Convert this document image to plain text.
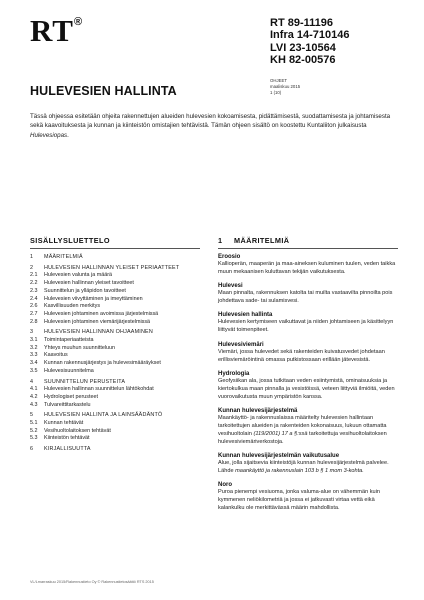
RT®	RT 89-11196
Infra 14-710146
LVI 23-10564
KH 82-00576
OHJEET
maaliskuu 2015
1 (10)
HULEVESIEN HALLINTA

Tässä ohjeessa esitetään ohjeita rakennettujen alueiden hulevesien kokoamisesta, pidättämisestä, suodattamisesta ja johtamisesta sekä kaavoituksesta ja kunnan ja kiinteistön omistajien tehtävistä. Tämän ohjeen sisältö on koostettu Kuntaliiton julkaisusta Hulevesiopas.

SISÄLLYSLUETTELO
1	MÄÄRITELMIÄ
2	HULEVESIEN HALLINNAN YLEISET PERIAATTEET
2.1	Hulevesien valunta ja määrä
2.2	Hulevesien hallinnan yleiset tavoitteet
2.3	Suunnittelun ja ylläpidon tavoitteet
2.4	Hulevesien viivyttäminen ja imeyttäminen
2.6	Kasvillisuuden merkitys
2.7	Hulevesien johtaminen avoimissa järjestelmissä
2.8	Hulevesien johtaminen viemärijärjestelmissä
3	HULEVESIEN HALLINNAN OHJAAMINEN
3.1	Toimintaperiaatteista
3.2	Yhteys muuhun suunnitteluun
3.3	Kaavoitus
3.4	Kunnan rakennusjärjestys ja hulevesimääräykset
3.5	Hulevesisuunnitelma
4	SUUNNITTELUN PERUSTEITA
4.1	Hulevesien hallinnan suunnittelun lähtökohdat
4.2	Hydrologiset perusteet
4.3	Tulvareittitarkastelu
5	HULEVESIEN HALLINTA JA LAINSÄÄDÄNTÖ
5.1	Kunnan tehtävät
5.2	Vesihuoltolaitoksen tehtävät
5.3	Kiinteistön tehtävät
6	KIRJALLISUUTTA
1	MÄÄRITELMIÄ
Eroosio
Kallioperän, maaperän ja maa-aineksen kuluminen tuulen, veden taikka muun mekaanisen kuluttavan tekijän vaikutuksesta.
Hulevesi
Maan pinnalta, rakennuksen katolta tai muilta vastaavilta pinnoilta pois johdettava sade- tai sulamisvesi.
Hulevesien hallinta
Hulevesien kertymiseen vaikuttavat ja niiden johtamiseen ja käsittelyyn liittyvät toimenpiteet.
Hulevesiviemäri
Viemäri, jossa hulevedet sekä rakenteiden kuivatusvedet johdetaan erillisviemäröintinä omassa putkistossaan erillään jätevesistä.
Hydrologia
Geofysiikan ala, jossa tutkitaan veden esiintymistä, ominaisuuksia ja kiertokulkua maan pinnalla ja vesistöissä, veteen liittyviä ilmiöitä, veden vuorovaikutusta muun ympäristön kanssa.
Kunnan hulevesijärjestelmä
Maankäyttö- ja rakennuslaissa määritelty hulevesien hallintaan tarkoitettujen alueiden ja rakenteiden kokonaisuus, lukuun ottamatta vesihuoltolain (119/2001) 17 a §:ssä tarkoitettuja vesihuoltolaitoksen hulevesiviemäriverkostoja.
Kunnan hulevesijärjestelmän vaikutusalue
Alue, jolla sijaitsevia kiinteistöjä kunnan hulevesijärjestelmä palvelee. Lähde maankäyttö ja rakennuslain 103 b § 1 mom 3-kohta.
Noro
Puroa pienempi vesiuoma, jonka valuma-alue on vähemmän kuin kymmenen neliökilometriä ja jossa ei jatkuvasti virtaa vettä eikä kalankulku ole merkittävässä määrin mahdollista.
VL/Lmarraskuu 2015/Rakennustieto Oy © Rakennustietosäätiö RTS 2015
